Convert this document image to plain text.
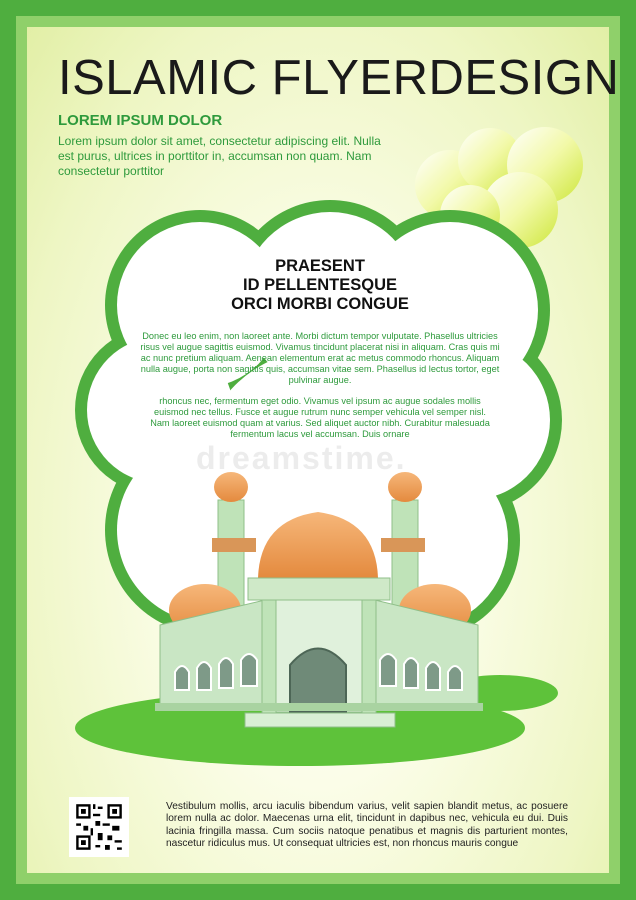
ISLAMIC FLYERDESIGN
LOREM IPSUM DOLOR
Lorem ipsum dolor sit amet, consectetur adipiscing elit. Nulla est purus, ultrices in porttitor in, accumsan non quam. Nam consectetur porttitor
PRAESENT
ID PELLENTESQUE
ORCI MORBI CONGUE
Donec eu leo enim, non laoreet ante. Morbi dictum tempor vulputate. Phasellus ultricies risus vel augue sagittis euismod. Vivamus tincidunt placerat nisi in aliquam. Cras quis mi ac nunc pretium aliquam. Aenean elementum erat ac metus commodo rhoncus. Aliquam nulla augue, porta non sagittis quis, accumsan vitae sem. Phasellus id lectus tortor, eget pulvinar augue.
rhoncus nec, fermentum eget odio. Vivamus vel ipsum ac augue sodales mollis euismod nec tellus. Fusce et augue rutrum nunc semper vehicula vel semper nisl. Nam laoreet euismod quam at varius. Sed aliquet auctor nibh. Curabitur malesuada fermentum lacus vel accumsan. Duis ornare
dreamstime.
Vestibulum mollis, arcu iaculis bibendum varius, velit sapien blandit metus, ac posuere lorem nulla ac dolor. Maecenas urna elit, tincidunt in dapibus nec, vehicula eu dui. Duis lacinia fringilla massa. Cum sociis natoque penatibus et magnis dis parturient montes, nascetur ridiculus mus. Ut consequat ultricies est, non rhoncus mauris congue
